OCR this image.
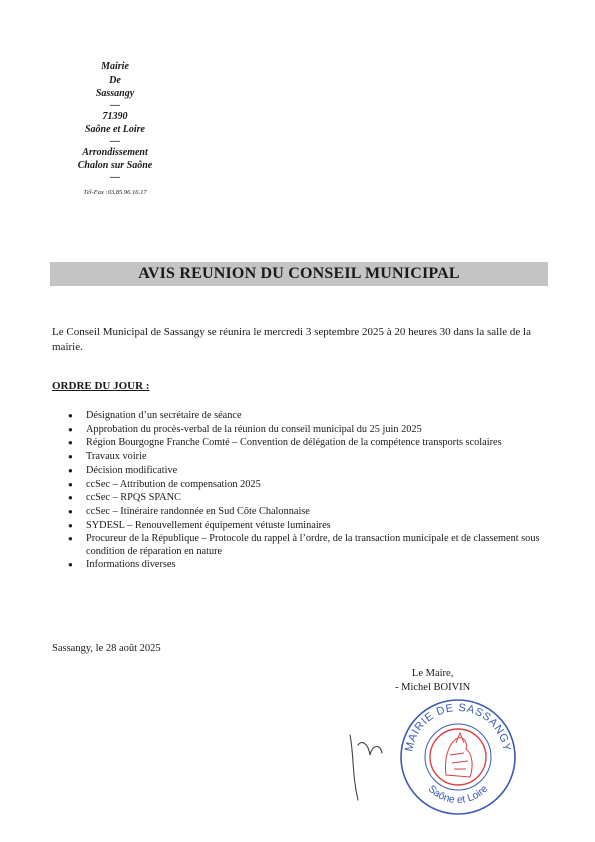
Mairie
De
Sassangy
—
71390
Saône et Loire
—
Arrondissement
Chalon sur Saône
—
Tél-Fax :03.85.96.16.17
AVIS REUNION DU CONSEIL MUNICIPAL
Le Conseil Municipal de Sassangy se réunira le mercredi 3 septembre 2025 à 20 heures 30 dans la salle de la mairie.
ORDRE DU JOUR :
● Désignation d’un secrétaire de séance
● Approbation du procès-verbal de la réunion du conseil municipal du 25 juin 2025
● Région Bourgogne Franche Comté – Convention de délégation de la compétence transports scolaires
● Travaux voirie
● Décision modificative
● ccSec – Attribution de compensation 2025
● ccSec – RPQS SPANC
● ccSec – Itinéraire randonnée en Sud Côte Chalonnaise
● SYDESL – Renouvellement équipement vétuste luminaires
● Procureur de la République – Protocole du rappel à l’ordre, de la transaction municipale et de classement sous condition de réparation en nature
● Informations diverses
Sassangy, le 28 août 2025
Le Maire,
- Michel BOIVIN
MAIRIE DE SASSANGY
Saône et Loire
